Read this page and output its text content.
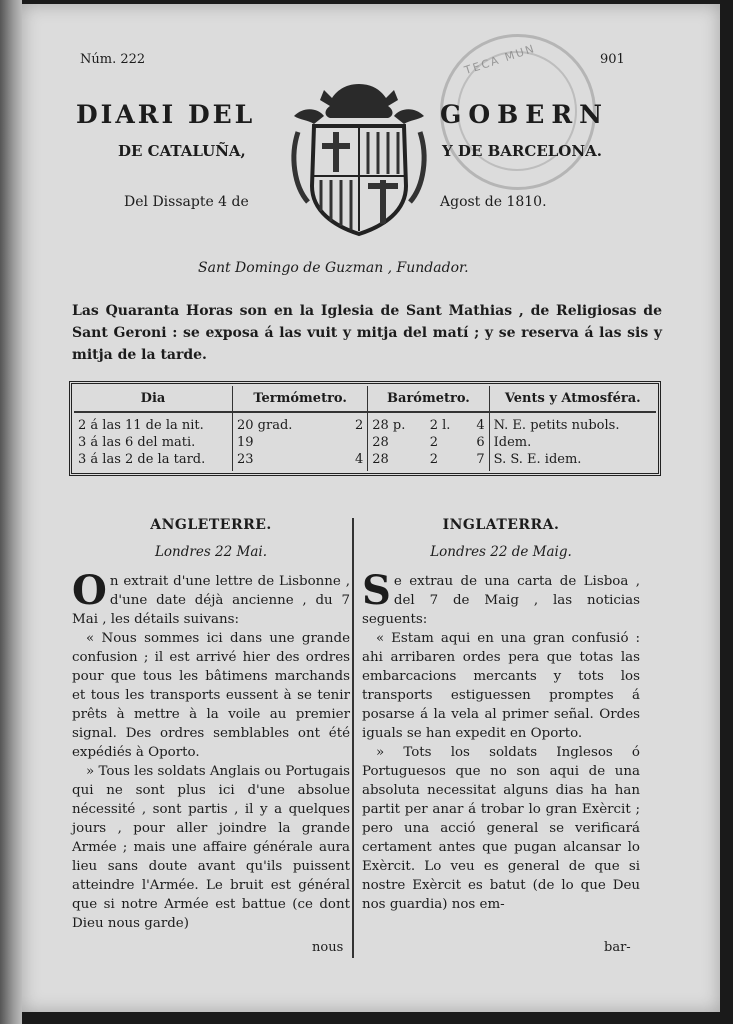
Núm. 222	901
TECA MUN
DIARI DEL	GOBERN
DE CATALUÑA,	Y DE BARCELONA.
Del Dissapte 4 de	Agost de 1810.
Sant Domingo de Guzman , Fundador.
Las Quaranta Horas son en la Iglesia de Sant Mathias , de Religiosas de Sant Geroni : se exposa á las vuit y mitja del matí ; y se reserva á las sis y mitja de la tarde.
Dia	Termómetro.		Barómetro.			Vents y Atmosféra.
2 á las 11 de la nit.	20 grad.	2	28 p.	2 l.	4	N. E. petits nubols.
3 á las 6 del mati.	19		28	2	6	Idem.
3 á las 2 de la tard.	23	4	28	2	7	S. S. E. idem.
ANGLETERRE.
Londres 22 Mai.

On extrait d'une lettre de Lisbonne , d'une date déjà ancienne , du 7 Mai , les détails suivans:

« Nous sommes ici dans une grande confusion ; il est arrivé hier des ordres pour que tous les bâtimens marchands et tous les transports eussent à se tenir prêts à mettre à la voile au premier signal. Des ordres semblables ont été expédiés à Oporto.

» Tous les soldats Anglais ou Portugais qui ne sont plus ici d'une absolue nécessité , sont partis , il y a quelques jours , pour aller joindre la grande Armée ; mais une affaire générale aura lieu sans doute avant qu'ils puissent atteindre l'Armée. Le bruit est général que si notre Armée est battue (ce dont Dieu nous garde)

nous
INGLATERRA.
Londres 22 de Maig.

Se extrau de una carta de Lisboa , del 7 de Maig , las noticias seguents:

« Estam aqui en una gran confusió : ahi arribaren ordes pera que totas las embarcacions mercants y tots los transports estiguessen promptes á posarse á la vela al primer señal. Ordes iguals se han expedit en Oporto.

» Tots los soldats Inglesos ó Portuguesos que no son aqui de una absoluta necessitat alguns dias ha han partit per anar á trobar lo gran Exèrcit ; pero una acció general se verificará certament antes que pugan alcansar lo Exèrcit. Lo veu es general de que si nostre Exèrcit es batut (de lo que Deu nos guardia) nos em-

bar-
